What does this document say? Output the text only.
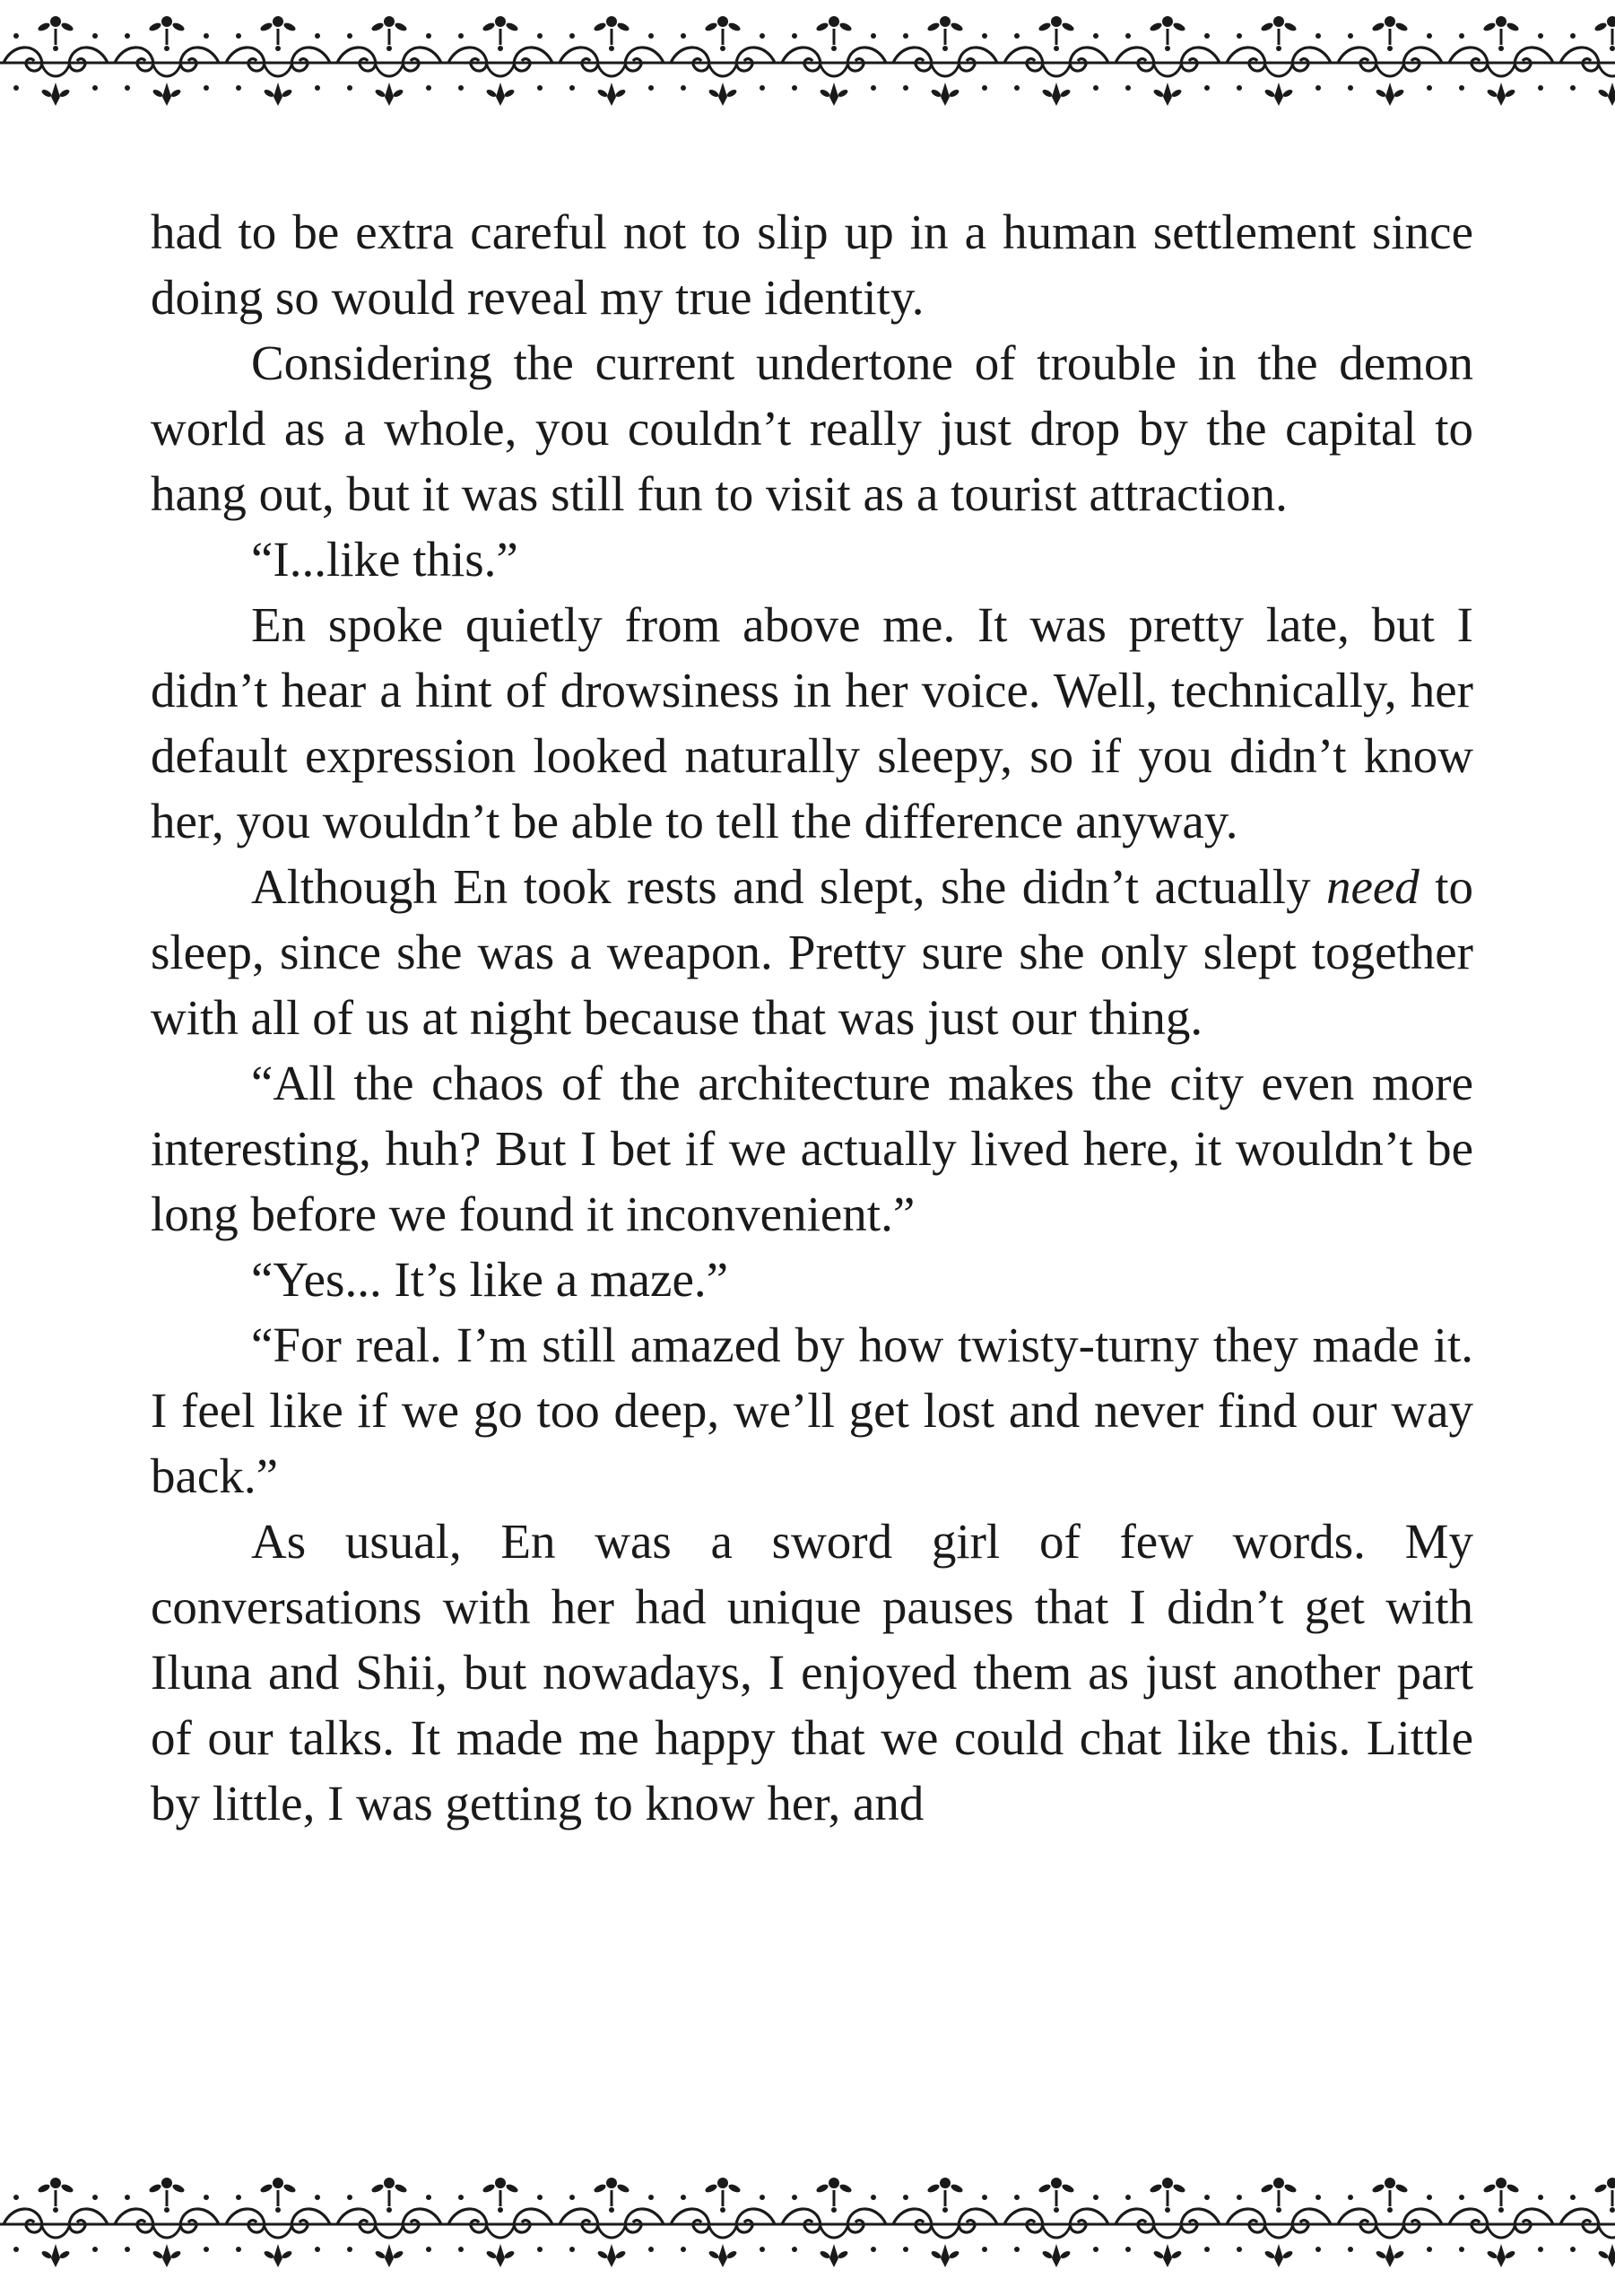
had to be extra careful not to slip up in a human settlement since doing so would reveal my true identity.

Considering the current undertone of trouble in the demon world as a whole, you couldn’t really just drop by the capital to hang out, but it was still fun to visit as a tourist attraction.

“I...like this.”

En spoke quietly from above me. It was pretty late, but I didn’t hear a hint of drowsiness in her voice. Well, technically, her default expression looked naturally sleepy, so if you didn’t know her, you wouldn’t be able to tell the difference anyway.

Although En took rests and slept, she didn’t actually need to sleep, since she was a weapon. Pretty sure she only slept together with all of us at night because that was just our thing.

“All the chaos of the architecture makes the city even more interesting, huh? But I bet if we actually lived here, it wouldn’t be long before we found it inconvenient.”

“Yes... It’s like a maze.”

“For real. I’m still amazed by how twisty-turny they made it. I feel like if we go too deep, we’ll get lost and never find our way back.”

As usual, En was a sword girl of few words. My conversations with her had unique pauses that I didn’t get with Iluna and Shii, but nowadays, I enjoyed them as just another part of our talks. It made me happy that we could chat like this. Little by little, I was getting to know her, and
